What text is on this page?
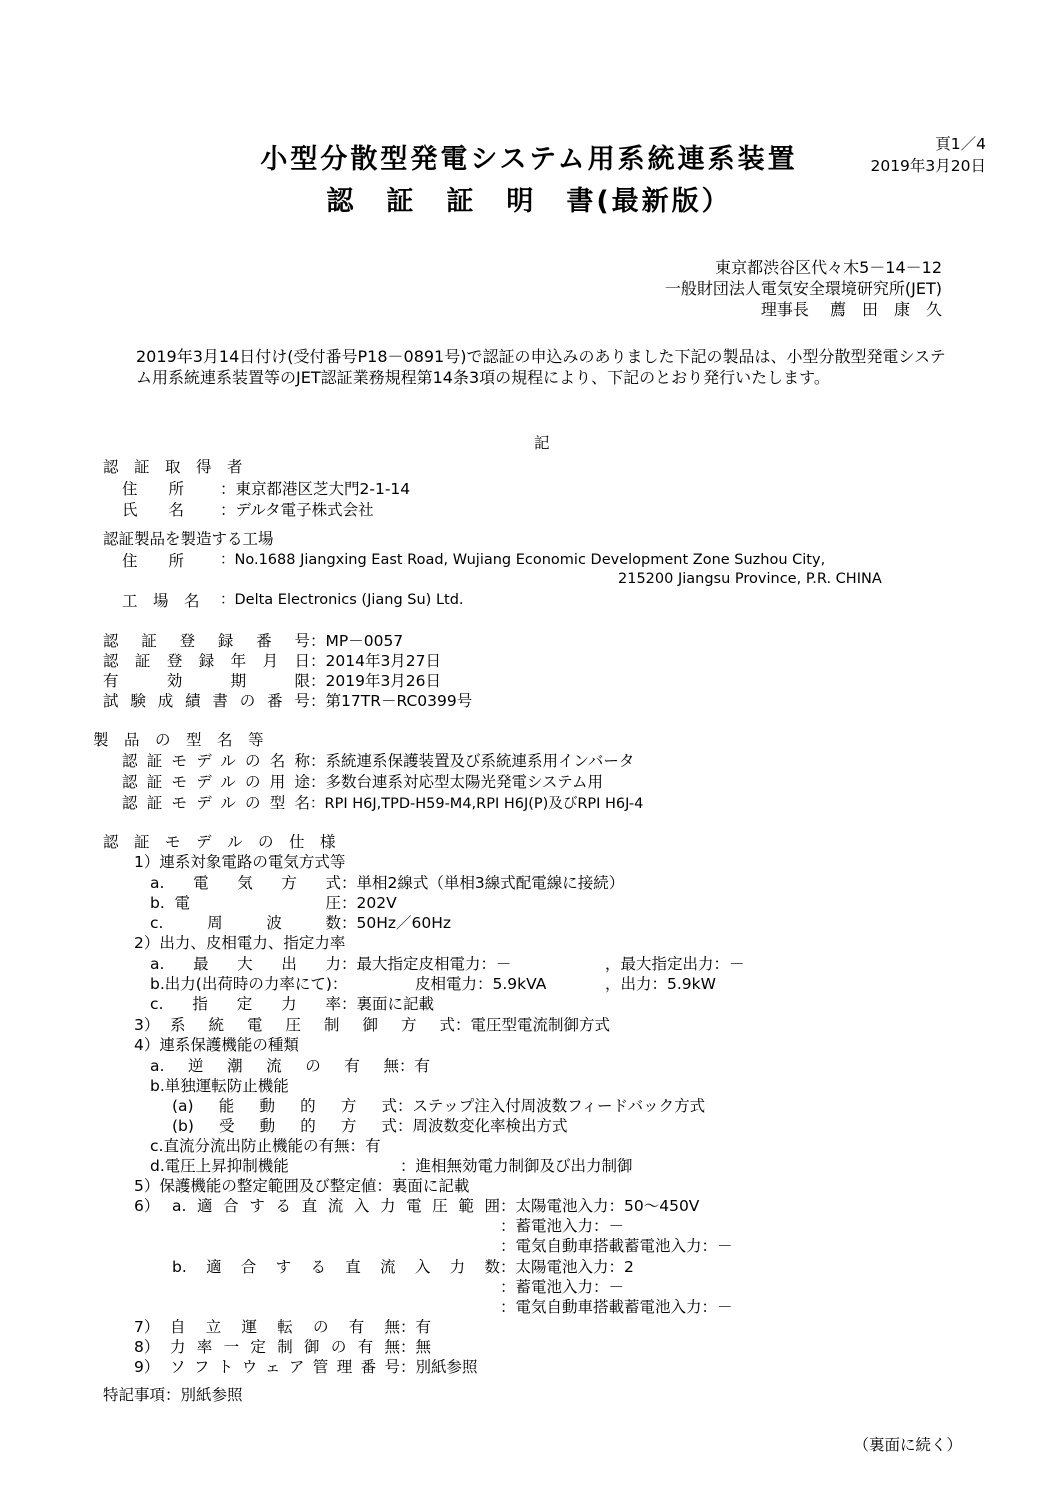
頁1／4
2019年3月20日
小型分散型発電システム用系統連系装置
認　証　証　明　書(最新版）
東京都渋谷区代々木5－14－12
一般財団法人電気安全環境研究所(JET)
理事長　 薦　田　康　久
2019年3月14日付け(受付番号P18－0891号)で認証の申込みのありました下記の製品は、小型分散型発電システム用系統連系装置等のJET認証業務規程第14条3項の規程により、下記のとおり発行いたします。
記
認　証　取　得　者
住　　所 ：東京都港区芝大門2-1-14
氏　　名 ：デルタ電子株式会社
認証製品を製造する工場
住　　所 ：No.1688 Jiangxing East Road, Wujiang Economic Development Zone Suzhou City,
215200 Jiangsu Province, P.R. CHINA
工　場　名 ：Delta Electronics (Jiang Su) Ltd.
認証登録番号：MP－0057
認証登録年月日：2014年3月27日
有効期限：2019年3月26日
試験成績書の番号：第17TR－RC0399号
製　品　の　型　名　等
認証モデルの名称：系統連系保護装置及び系統連系用インバータ
認証モデルの用途：多数台連系対応型太陽光発電システム用
認証モデルの型名：RPI H6J,TPD-H59-M4,RPI H6J(P)及びRPI H6J-4
認　証　モ　デ　ル　の　仕　様
1）連系対象電路の電気方式等
a.電気方式：単相2線式（単相3線式配電線に接続）
b.電　　　　　圧：202V
c.周波数：50Hz／60Hz
2）出力、皮相電力、指定力率
a.最大出力：最大指定皮相電力：－	，最大指定出力：－
b.出力(出荷時の力率にて)：	皮相電力：5.9kVA	，出力：5.9kW
c.指定力率：裏面に記載
3） 系統電圧制御方式：電圧型電流制御方式
4）連系保護機能の種類
a.逆潮流の有無：有
b.単独運転防止機能
(a)能動的方式：ステップ注入付周波数フィードバック方式
(b)受動的方式：周波数変化率検出方式
c.直流分流出防止機能の有無：有
d.電圧上昇抑制機能	：進相無効電力制御及び出力制御
5）保護機能の整定範囲及び整定値：裏面に記載
6） a.適合する直流入力電圧範囲 ：太陽電池入力：50～450V
：蓄電池入力：－
：電気自動車搭載蓄電池入力：－
b.適合する直流入力数 ：太陽電池入力：2
：蓄電池入力：－
：電気自動車搭載蓄電池入力：－
7） 自立運転の有無：有
8） 力率一定制御の有無：無
9） ソフトウェア管理番号：別紙参照
特記事項：別紙参照
（裏面に続く）
